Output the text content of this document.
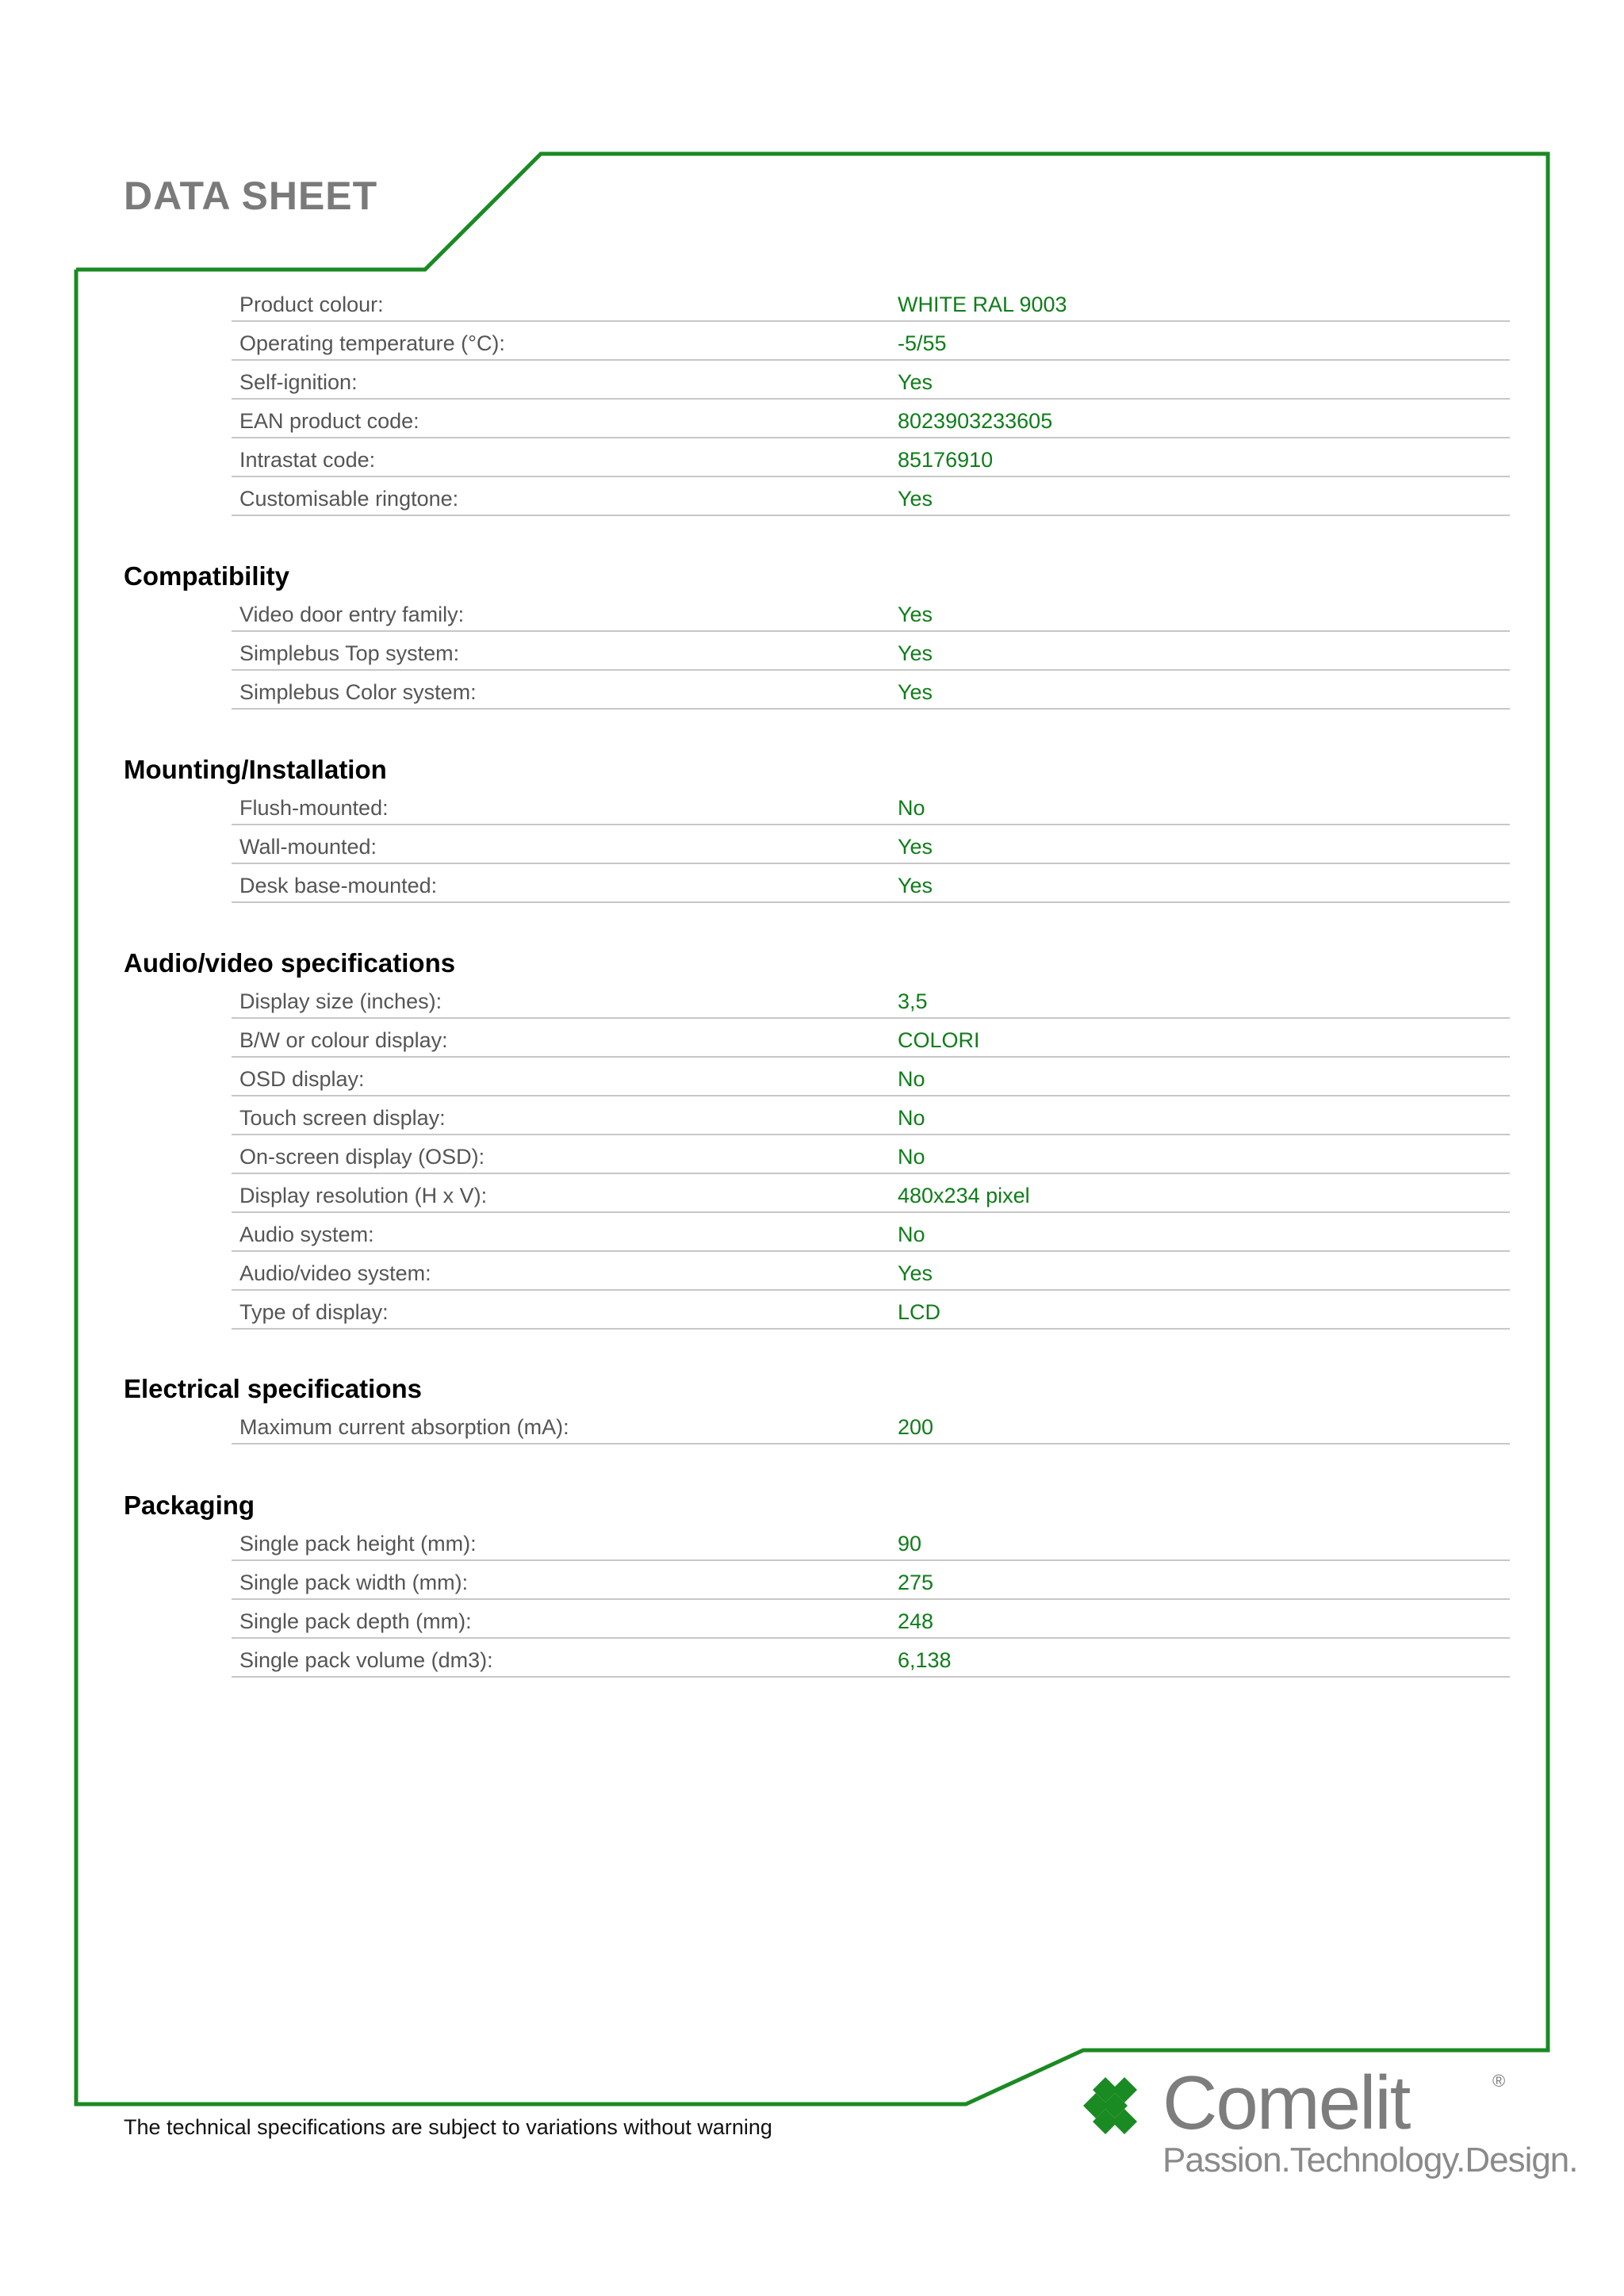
DATA SHEET
Product colour:	WHITE RAL 9003
Operating temperature (°C):	-5/55
Self-ignition:	Yes
EAN product code:	8023903233605
Intrastat code:	85176910
Customisable ringtone:	Yes
Compatibility
Video door entry family:	Yes
Simplebus Top system:	Yes
Simplebus Color system:	Yes
Mounting/Installation
Flush-mounted:	No
Wall-mounted:	Yes
Desk base-mounted:	Yes
Audio/video specifications
Display size (inches):	3,5
B/W or colour display:	COLORI
OSD display:	No
Touch screen display:	No
On-screen display (OSD):	No
Display resolution (H x V):	480x234 pixel
Audio system:	No
Audio/video system:	Yes
Type of display:	LCD
Electrical specifications
Maximum current absorption (mA):	200
Packaging
Single pack height (mm):	90
Single pack width (mm):	275
Single pack depth (mm):	248
Single pack volume (dm3):	6,138
The technical specifications are subject to variations without warning	Comelit	®
Passion.Technology.Design.
